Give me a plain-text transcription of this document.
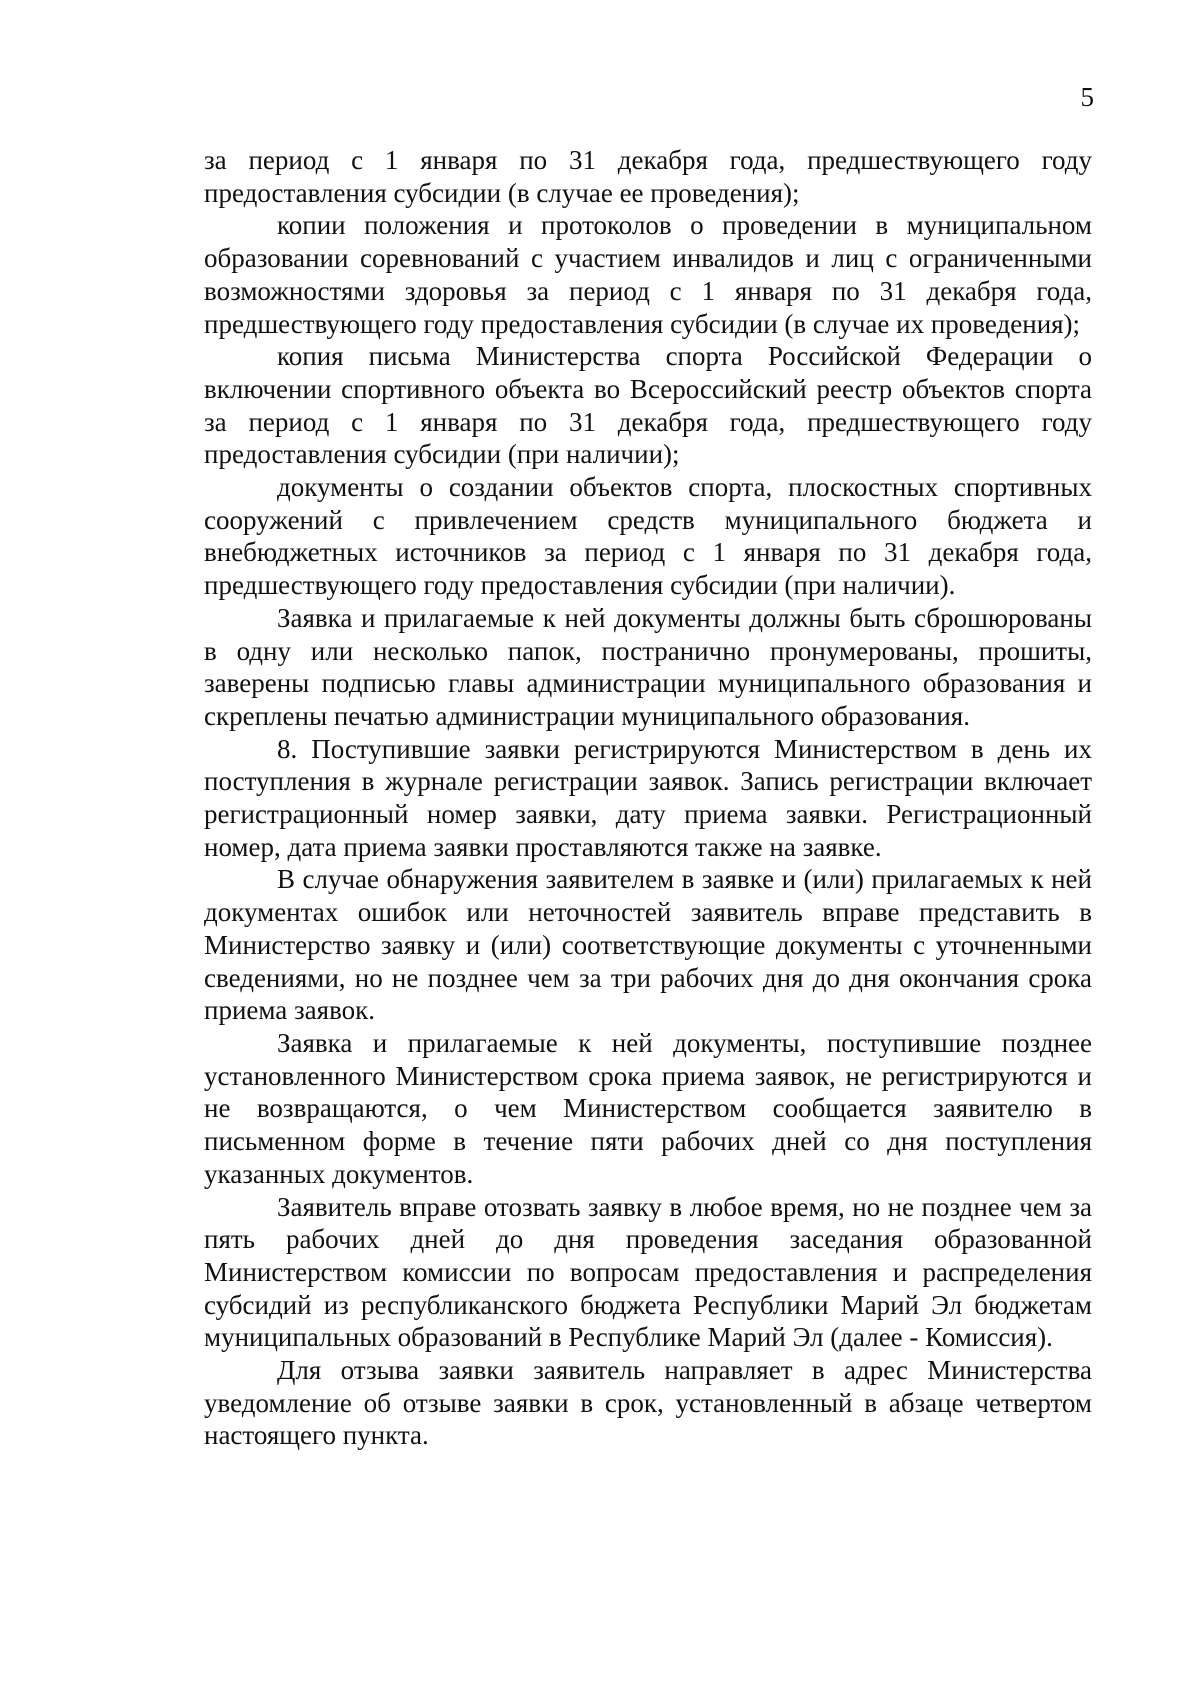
5

за период с 1 января по 31 декабря года, предшествующего году предоставления субсидии (в случае ее проведения);

копии положения и протоколов о проведении в муниципальном образовании соревнований с участием инвалидов и лиц с ограниченными возможностями здоровья за период с 1 января по 31 декабря года, предшествующего году предоставления субсидии (в случае их проведения);

копия письма Министерства спорта Российской Федерации о включении спортивного объекта во Всероссийский реестр объектов спорта за период с 1 января по 31 декабря года, предшествующего году предоставления субсидии (при наличии);

документы о создании объектов спорта, плоскостных спортивных сооружений с привлечением средств муниципального бюджета и внебюджетных источников за период с 1 января по 31 декабря года, предшествующего году предоставления субсидии (при наличии).

Заявка и прилагаемые к ней документы должны быть сброшюрованы в одну или несколько папок, постранично пронумерованы, прошиты, заверены подписью главы администрации муниципального образования и скреплены печатью администрации муниципального образования.

8. Поступившие заявки регистрируются Министерством в день их поступления в журнале регистрации заявок. Запись регистрации включает регистрационный номер заявки, дату приема заявки. Регистрационный номер, дата приема заявки проставляются также на заявке.

В случае обнаружения заявителем в заявке и (или) прилагаемых к ней документах ошибок или неточностей заявитель вправе представить в Министерство заявку и (или) соответствующие документы с уточненными сведениями, но не позднее чем за три рабочих дня до дня окончания срока приема заявок.

Заявка и прилагаемые к ней документы, поступившие позднее установленного Министерством срока приема заявок, не регистрируются и не возвращаются, о чем Министерством сообщается заявителю в письменном форме в течение пяти рабочих дней со дня поступления указанных документов.

Заявитель вправе отозвать заявку в любое время, но не позднее чем за пять рабочих дней до дня проведения заседания образованной Министерством комиссии по вопросам предоставления и распределения субсидий из республиканского бюджета Республики Марий Эл бюджетам муниципальных образований в Республике Марий Эл (далее - Комиссия).

Для отзыва заявки заявитель направляет в адрес Министерства уведомление об отзыве заявки в срок, установленный в абзаце четвертом настоящего пункта.
